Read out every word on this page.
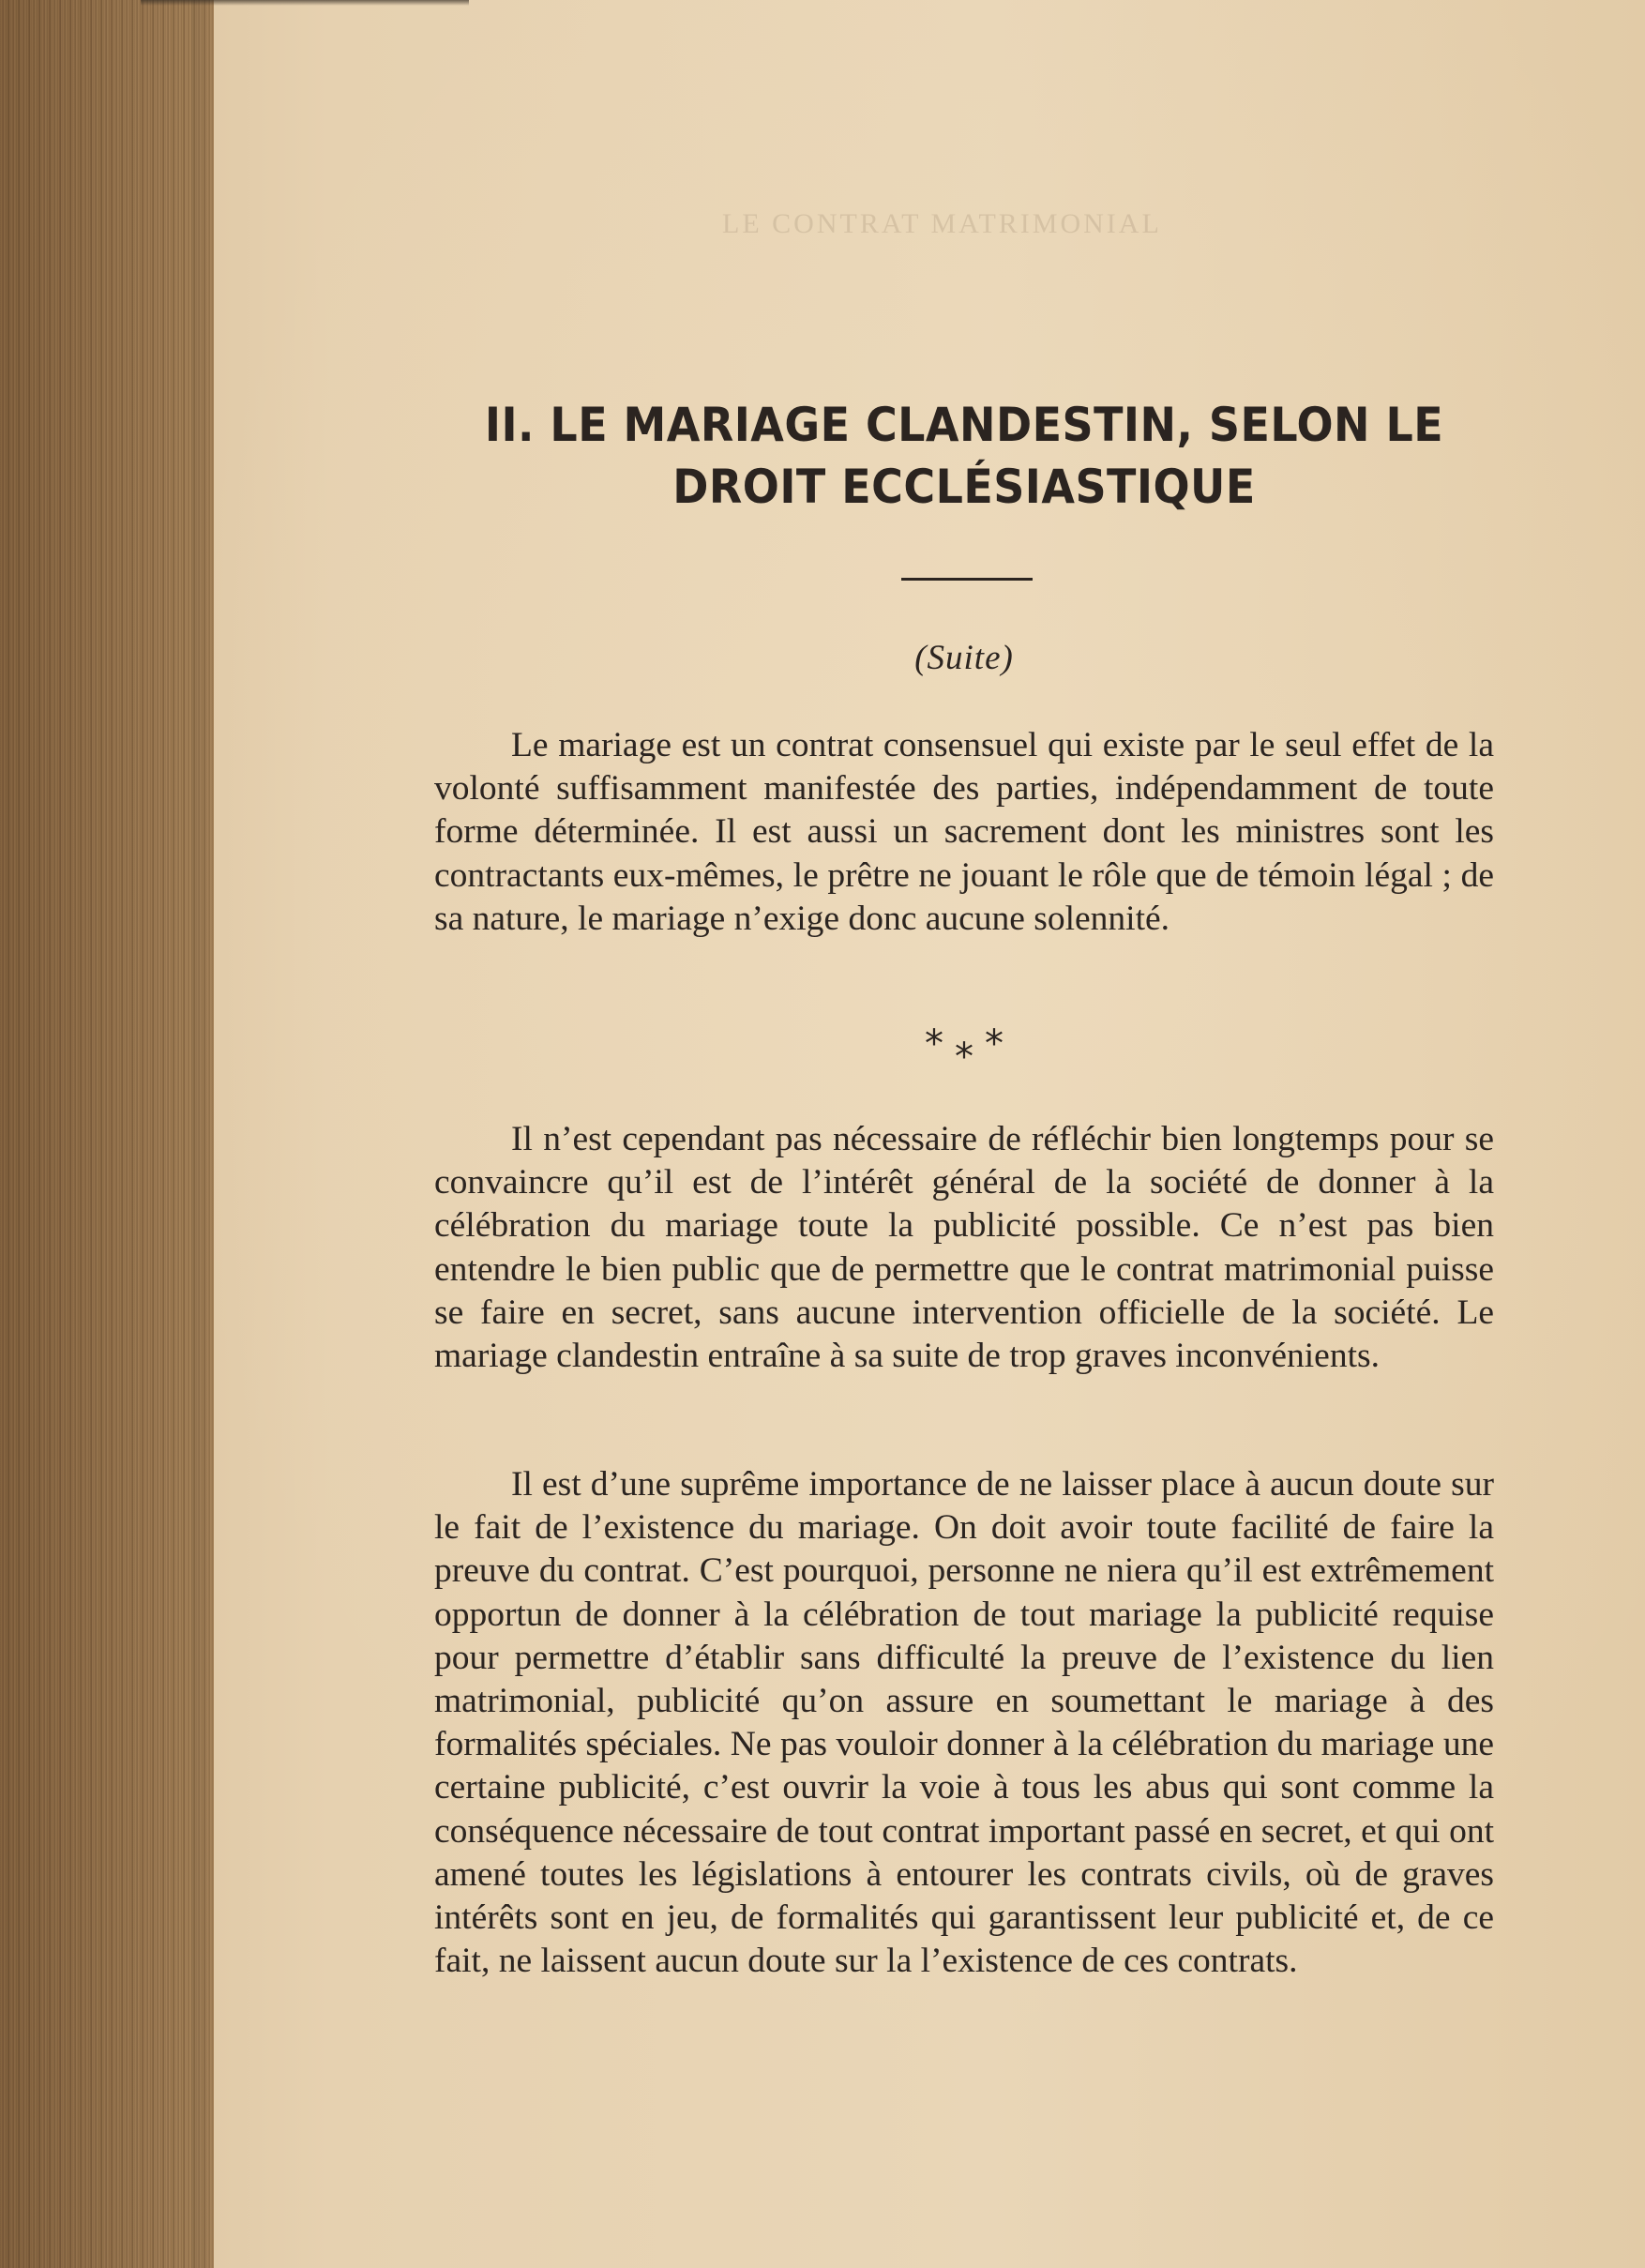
LE CONTRAT MATRIMONIAL
II. LE MARIAGE CLANDESTIN, SELON LE
DROIT ECCLÉSIASTIQUE
(Suite)

Le mariage est un contrat consensuel qui existe par le seul effet de la volonté suffisamment manifestée des parties, indépendamment de toute forme déterminée. Il est aussi un sacrement dont les ministres sont les contractants eux-mêmes, le prêtre ne jouant le rôle que de témoin légal ; de sa nature, le mariage n’exige donc aucune solennité.

* * *

Il n’est cependant pas nécessaire de réfléchir bien longtemps pour se convaincre qu’il est de l’intérêt général de la société de donner à la célébration du mariage toute la publicité possible. Ce n’est pas bien entendre le bien public que de permettre que le contrat matrimonial puisse se faire en secret, sans aucune intervention officielle de la société. Le mariage clandestin entraîne à sa suite de trop graves inconvénients.

Il est d’une suprême importance de ne laisser place à aucun doute sur le fait de l’existence du mariage. On doit avoir toute facilité de faire la preuve du contrat. C’est pourquoi, personne ne niera qu’il est extrêmement opportun de donner à la célébration de tout mariage la publicité requise pour permettre d’établir sans difficulté la preuve de l’existence du lien matrimonial, publicité qu’on assure en soumettant le mariage à des formalités spéciales. Ne pas vouloir donner à la célébration du mariage une certaine publicité, c’est ouvrir la voie à tous les abus qui sont comme la conséquence nécessaire de tout contrat important passé en secret, et qui ont amené toutes les législations à entourer les contrats civils, où de graves intérêts sont en jeu, de formalités qui garantissent leur publicité et, de ce fait, ne laissent aucun doute sur la l’existence de ces contrats.
